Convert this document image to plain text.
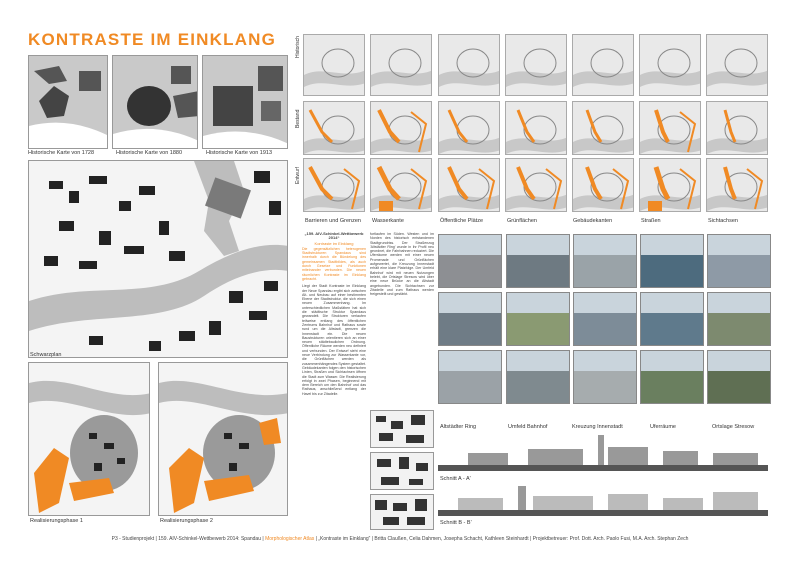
KONTRASTE IM EINKLANG
Historische Karte von 1728	Historische Karte von 1880	Historische Karte von 1913
Schwarzplan
Realisierungsphase 1	Realisierungsphase 2
Historisch
Bestand
Entwurf
Barrieren und Grenzen Wasserkante	Öffentliche Plätze	Grünflächen	Gebäudekanten	Straßen	Sichtachsen
„159. AIV-Schinkel-Wettbewerb 2014“
Kontraste im Einklang
Die gegensätzlichen heterogenen Stadtstrukturen Spandaus sind innerhalb durch die Bündelung des gemeinsamen Stadtbildes, als auch durch Gesetze und Funktionen miteinander verbunden. Die neuen räumlichen Kontraste im Einklang gebracht.
Liegt der Stadt Kontraste im Einklang der Neue Spandau ergibt sich zwischen Alt- und Neubau auf einer bestimmten Ebene der Stadtstruktur, die sich einen neuen Zusammenhang. Im unterschiedlichen Maßstäben hat sich die städtische Struktur Spandaus gewandelt. Die Strukturen verlaufen teilweise entlang des öffentlichen Zentrums Bahnhof und Rathaus sowie rund um die Altstadt, grenzen die Innenstadt ein. Die neuen Baustrukturen orientieren sich an einer neuen städtebaulichen Ordnung. Öffentliche Räume werden neu definiert und verbunden. Der Entwurf sieht eine neue Verbindung zur Wasserkante vor, die Grünflächen werden als zusammenhängendes System gestaltet. Gebäudekanten folgen den historischen Linien, Straßen und Sichtachsen öffnen die Stadt zum Wasser. Die Realisierung erfolgt in zwei Phasen, beginnend mit dem Bereich um den Bahnhof und das Rathaus, anschließend entlang der Havel bis zur Zitadelle.
fortlaufen im Süden. Westen und im Norden des historisch entstandenen Stadtgrundriss. Der Straßenzug 'Altstädter Ring' wurde in ihr Profil neu geordnet, die Fahrbahnen reduziert. Die Uferräume werden mit einer neuen Promenade und Grünflächen aufgewertet, die Kreuzung Innenstadt erhält eine klare Platzfolge. Der Umfeld Bahnhof wird mit neuen Nutzungen belebt, die Ortslage Stresow wird über eine neue Brücke an die Altstadt angebunden. Die Sichtachsen zur Zitadelle und zum Rathaus werden freigestellt und gestärkt.
Altstädter Ring	Umfeld Bahnhof	Kreuzung Innenstadt	Uferräume	Ortslage Stresow
Schnitt A - A'
Schnitt B - B'
P3 - Studienprojekt | 159. AIV-Schinkel-Wettbewerb 2014: Spandau | Morphologischer Atlas | „Kontraste im Einklang“ | Britta Claußen, Celia Dahmen, Josepha Schacht, Kathleen Steinhardt | Projektbetreuer: Prof. Dott. Arch. Paolo Fusi, M.A. Arch. Stephan Zech
